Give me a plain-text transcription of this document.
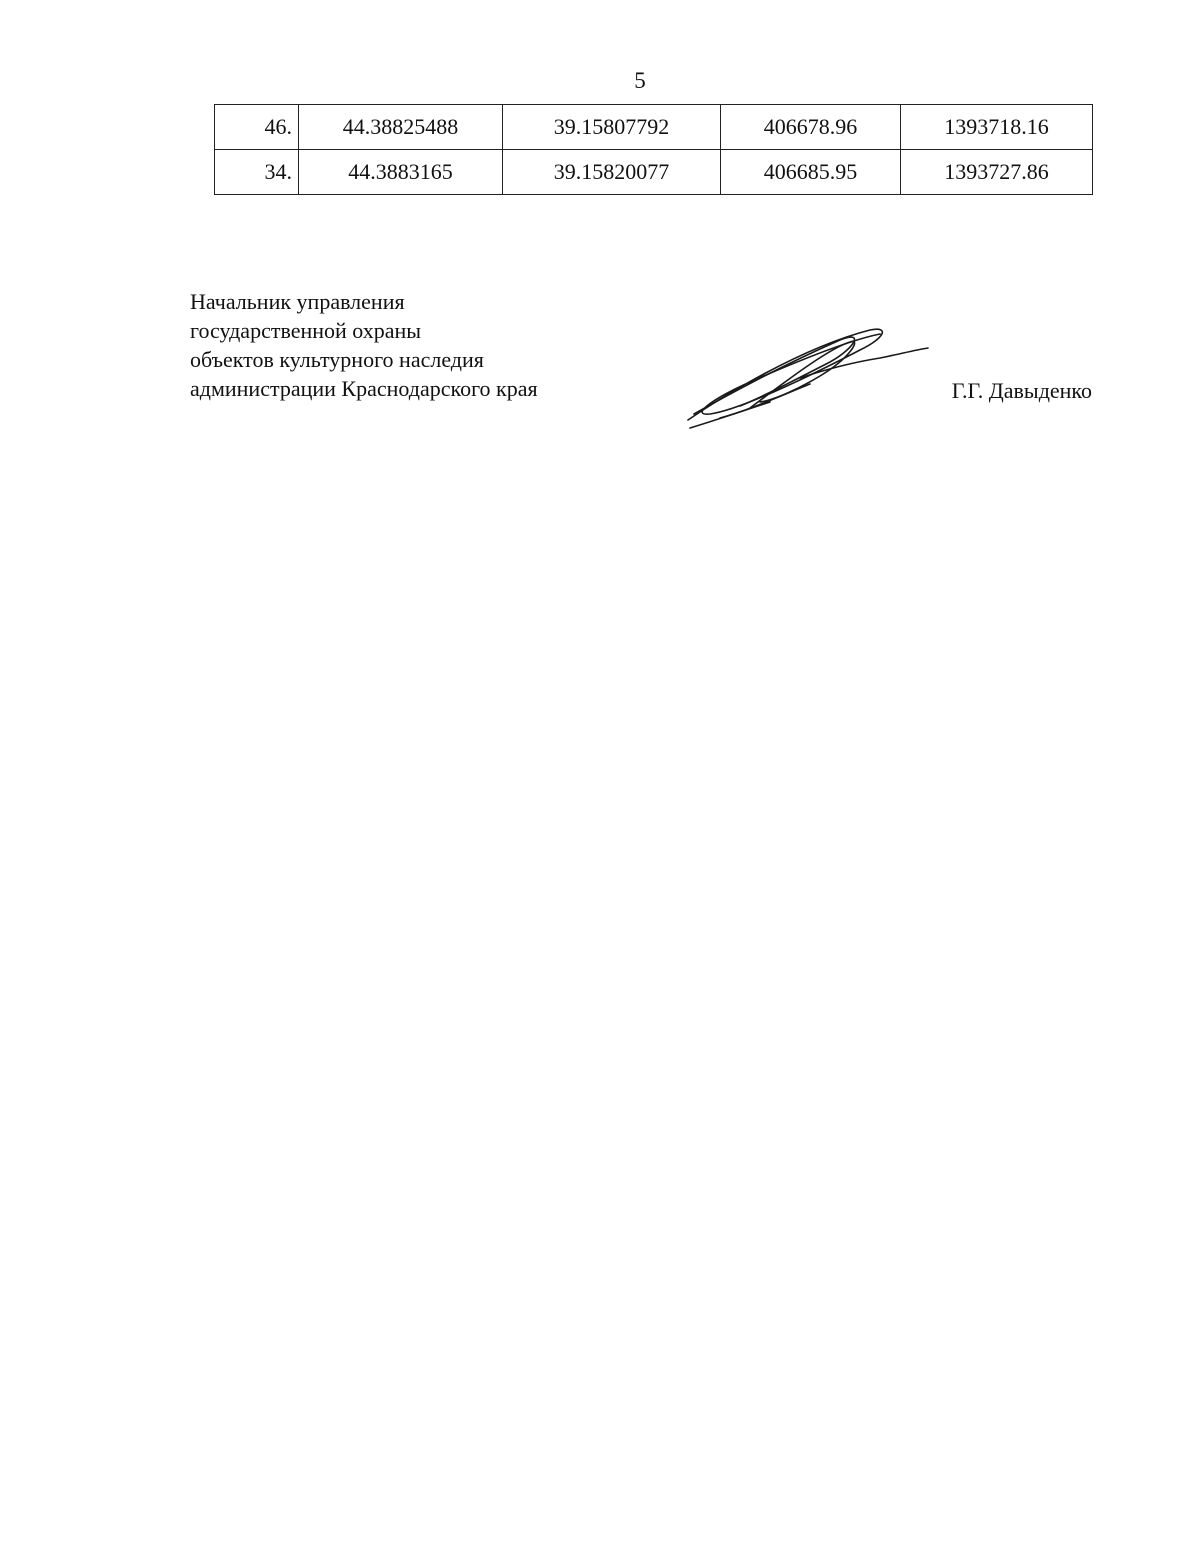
5
46.	44.38825488	39.15807792	406678.96	1393718.16
34.	44.3883165	39.15820077	406685.95	1393727.86
Начальник управления
государственной охраны
объектов культурного наследия
администрации Краснодарского края	Г.Г. Давыденко
